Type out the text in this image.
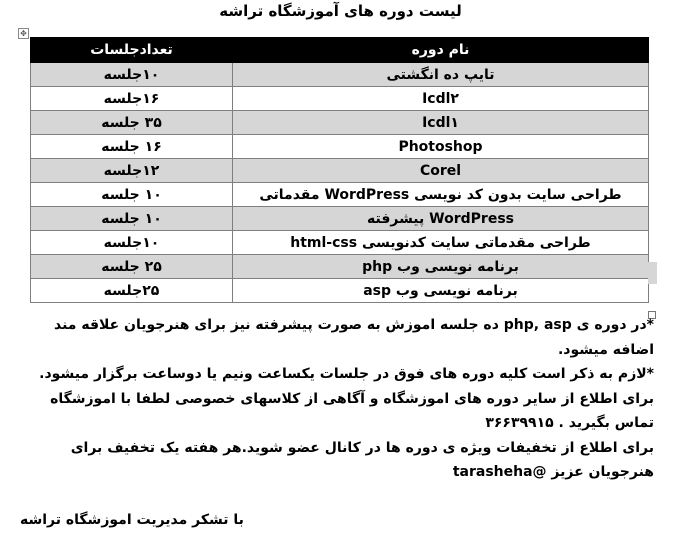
لیست دوره های آموزشگاه تراشه
✥
نام دوره	تعدادجلسات
تایپ ده انگشتی	۱۰جلسه
Icdl۲	۱۶جلسه
Icdl۱	۳۵ جلسه
Photoshop	۱۶ جلسه
Corel	۱۲جلسه
طراحی سایت بدون کد نویسی WordPress مقدماتی	۱۰ جلسه
WordPress پیشرفته	۱۰ جلسه
طراحی مقدماتی سایت کدنویسی html-css	۱۰جلسه
برنامه نویسی وب php	۲۵ جلسه
برنامه نویسی وب asp	۲۵جلسه

*در دوره ی php, asp ده جلسه اموزش به صورت پیشرفته نیز برای هنرجویان علاقه مند اضافه میشود.

*لازم به ذکر است کلیه دوره های فوق در جلسات یکساعت ونیم یا دوساعت برگزار میشود.

برای اطلاع از سایر دوره های اموزشگاه و آگاهی از کلاسهای خصوصی لطفا با اموزشگاه تماس بگیرید . ۳۶۶۳۹۹۱۵

برای اطلاع از تخفیفات ویژه ی دوره ها در کانال عضو شوید.هر هفته یک تخفیف برای هنرجویان عزیز @tarasheha

با تشکر مدیریت اموزشگاه تراشه
